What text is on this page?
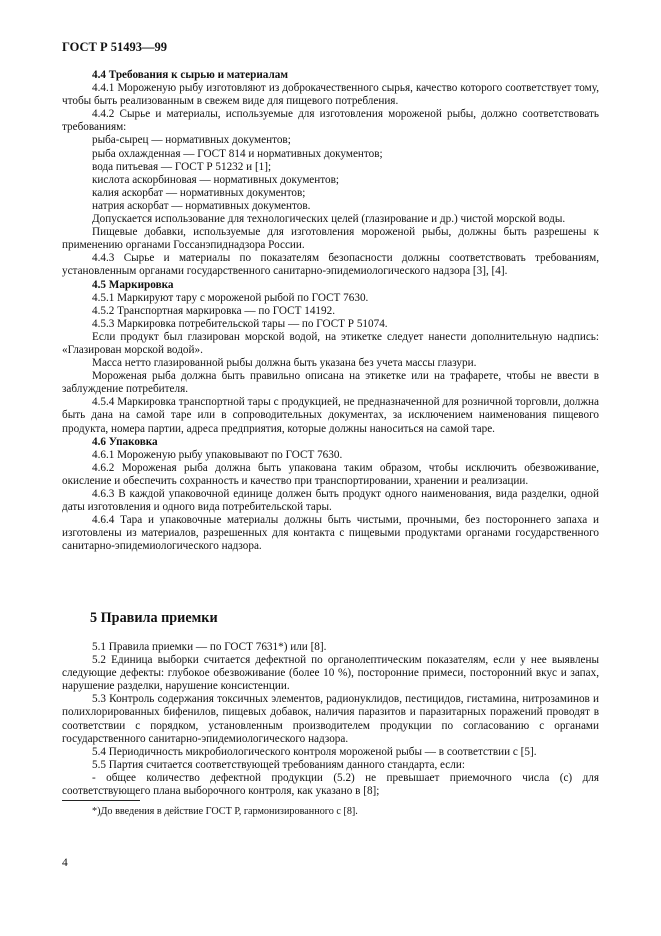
ГОСТ Р 51493—99

4.4 Требования к сырью и материалам

4.4.1 Мороженую рыбу изготовляют из доброкачественного сырья, качество которого соответствует тому, чтобы быть реализованным в свежем виде для пищевого потребления.

4.4.2 Сырье и материалы, используемые для изготовления мороженой рыбы, должно соответствовать требованиям:

рыба-сырец — нормативных документов;

рыба охлажденная — ГОСТ 814 и нормативных документов;

вода питьевая — ГОСТ Р 51232 и [1];

кислота аскорбиновая — нормативных документов;

калия аскорбат — нормативных документов;

натрия аскорбат — нормативных документов.

Допускается использование для технологических целей (глазирование и др.) чистой морской воды.

Пищевые добавки, используемые для изготовления мороженой рыбы, должны быть разрешены к применению органами Госсанэпиднадзора России.

4.4.3 Сырье и материалы по показателям безопасности должны соответствовать требованиям, установленным органами государственного санитарно-эпидемиологического надзора [3], [4].

4.5 Маркировка

4.5.1 Маркируют тару с мороженой рыбой по ГОСТ 7630.

4.5.2 Транспортная маркировка — по ГОСТ 14192.

4.5.3 Маркировка потребительской тары — по ГОСТ Р 51074.

Если продукт был глазирован морской водой, на этикетке следует нанести дополнительную надпись: «Глазирован морской водой».

Масса нетто глазированной рыбы должна быть указана без учета массы глазури.

Мороженая рыба должна быть правильно описана на этикетке или на трафарете, чтобы не ввести в заблуждение потребителя.

4.5.4 Маркировка транспортной тары с продукцией, не предназначенной для розничной торговли, должна быть дана на самой таре или в сопроводительных документах, за исключением наименования пищевого продукта, номера партии, адреса предприятия, которые должны наноситься на самой таре.

4.6 Упаковка

4.6.1 Мороженую рыбу упаковывают по ГОСТ 7630.

4.6.2 Мороженая рыба должна быть упакована таким образом, чтобы исключить обезвоживание, окисление и обеспечить сохранность и качество при транспортировании, хранении и реализации.

4.6.3 В каждой упаковочной единице должен быть продукт одного наименования, вида разделки, одной даты изготовления и одного вида потребительской тары.

4.6.4 Тара и упаковочные материалы должны быть чистыми, прочными, без постороннего запаха и изготовлены из материалов, разрешенных для контакта с пищевыми продуктами органами государственного санитарно-эпидемиологического надзора.

5 Правила приемки

5.1 Правила приемки — по ГОСТ 7631*) или [8].

5.2 Единица выборки считается дефектной по органолептическим показателям, если у нее выявлены следующие дефекты: глубокое обезвоживание (более 10 %), посторонние примеси, посторонний вкус и запах, нарушение разделки, нарушение консистенции.

5.3 Контроль содержания токсичных элементов, радионуклидов, пестицидов, гистамина, нитрозаминов и полихлорированных бифенилов, пищевых добавок, наличия паразитов и паразитарных поражений проводят в соответствии с порядком, установленным производителем продукции по согласованию с органами государственного санитарно-эпидемиологического надзора.

5.4 Периодичность микробиологического контроля мороженой рыбы — в соответствии с [5].

5.5 Партия считается соответствующей требованиям данного стандарта, если:

- общее количество дефектной продукции (5.2) не превышает приемочного числа (с) для соответствующего плана выборочного контроля, как указано в [8];

*)До введения в действие ГОСТ Р, гармонизированного с [8].
4
